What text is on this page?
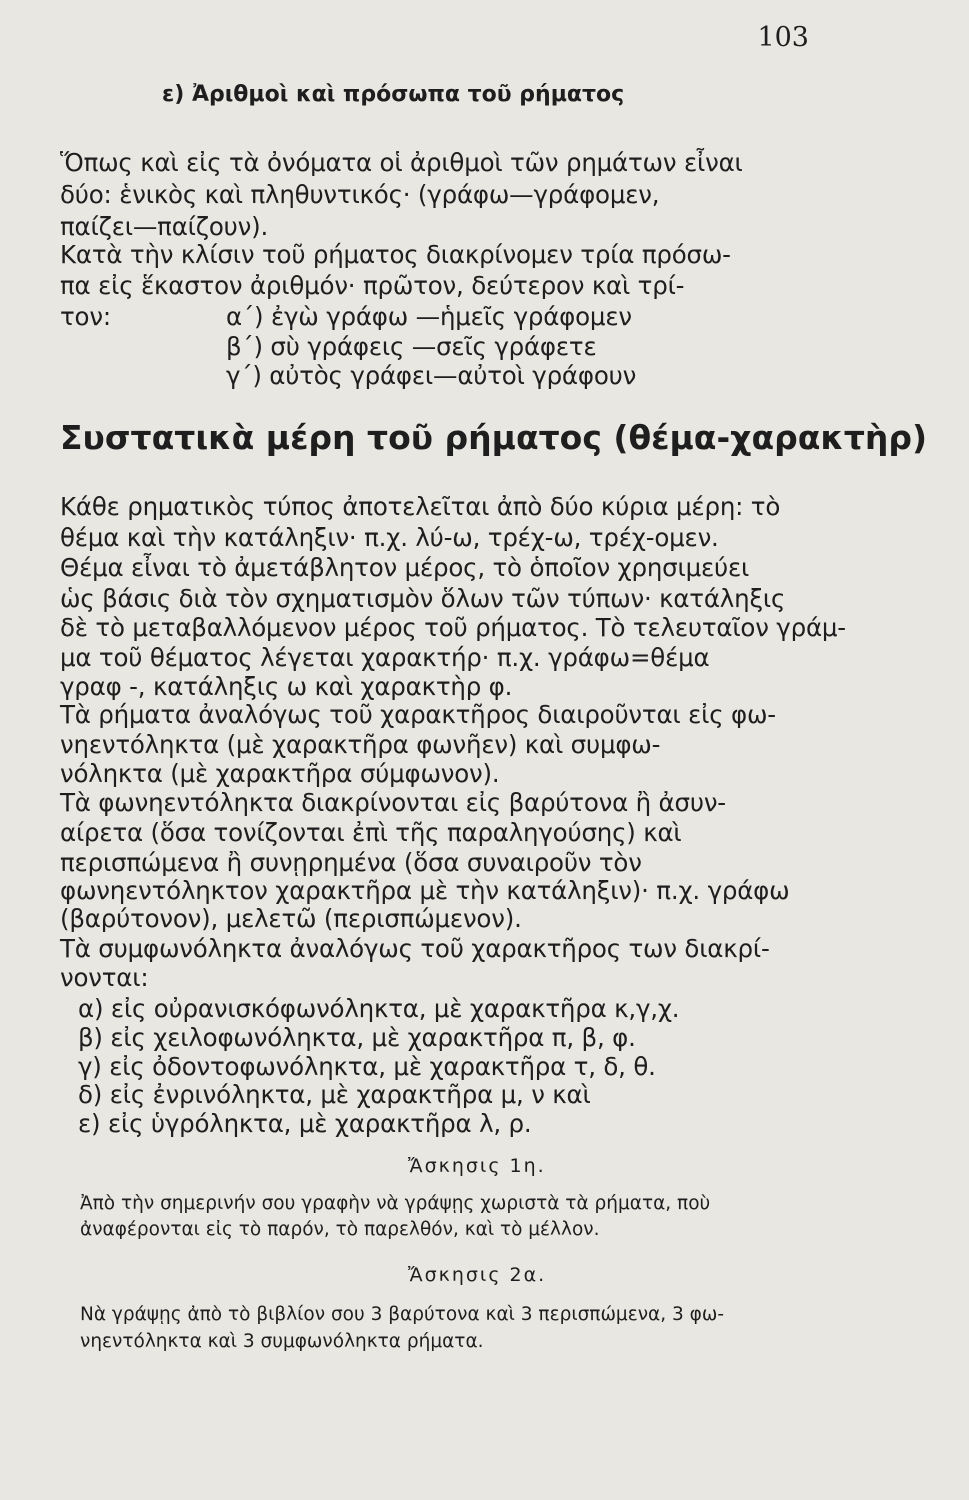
103
ε) Ἀριθμοὶ καὶ πρόσωπα τοῦ ρήματος
Ὅπως καὶ εἰς τὰ ὀνόματα οἱ ἀριθμοὶ τῶν ρημάτων εἶναι
δύο: ἑνικὸς καὶ πληθυντικός· (γράφω—γράφομεν,
παίζει—παίζουν).
Κατὰ τὴν κλίσιν τοῦ ρήματος διακρίνομεν τρία πρόσω-
πα εἰς ἕκαστον ἀριθμόν· πρῶτον, δεύτερον καὶ τρί-
τον:	α΄) ἐγὼ γράφω —ἡμεῖς γράφομεν
β΄) σὺ γράφεις —σεῖς γράφετε
γ΄) αὐτὸς γράφει—αὐτοὶ γράφουν
Συστατικὰ μέρη τοῦ ρήματος (θέμα-χαρακτὴρ)
Κάθε ρηματικὸς τύπος ἀποτελεῖται ἀπὸ δύο κύρια μέρη: τὸ
θέμα καὶ τὴν κατάληξιν· π.χ. λύ-ω, τρέχ-ω, τρέχ-ομεν.
Θέμα εἶναι τὸ ἀμετάβλητον μέρος, τὸ ὁποῖον χρησιμεύει
ὡς βάσις διὰ τὸν σχηματισμὸν ὅλων τῶν τύπων· κατάληξις
δὲ τὸ μεταβαλλόμενον μέρος τοῦ ρήματος. Τὸ τελευταῖον γράμ-
μα τοῦ θέματος λέγεται χαρακτήρ· π.χ. γράφω=θέμα
γραφ -, κατάληξις ω καὶ χαρακτὴρ φ.
Τὰ ρήματα ἀναλόγως τοῦ χαρακτῆρος διαιροῦνται εἰς φω-
νηεντόληκτα (μὲ χαρακτῆρα φωνῆεν) καὶ συμφω-
νόληκτα (μὲ χαρακτῆρα σύμφωνον).
Τὰ φωνηεντόληκτα διακρίνονται εἰς βαρύτονα ἢ ἀσυν-
αίρετα (ὅσα τονίζονται ἐπὶ τῆς παραληγούσης) καὶ
περισπώμενα ἢ συνῃρημένα (ὅσα συναιροῦν τὸν
φωνηεντόληκτον χαρακτῆρα μὲ τὴν κατάληξιν)· π.χ. γράφω
(βαρύτονον), μελετῶ (περισπώμενον).
Τὰ συμφωνόληκτα ἀναλόγως τοῦ χαρακτῆρος των διακρί-
νονται:
α) εἰς οὐρανισκόφωνόληκτα, μὲ χαρακτῆρα κ,γ,χ.
β) εἰς χειλοφωνόληκτα, μὲ χαρακτῆρα π, β, φ.
γ) εἰς ὀδοντοφωνόληκτα, μὲ χαρακτῆρα τ, δ, θ.
δ) εἰς ἐνρινόληκτα, μὲ χαρακτῆρα μ, ν καὶ
ε) εἰς ὑγρόληκτα, μὲ χαρακτῆρα λ, ρ.
Ἄσκησις 1η.
Ἀπὸ τὴν σημερινήν σου γραφὴν νὰ γράψῃς χωριστὰ τὰ ρήματα, ποὺ
ἀναφέρονται εἰς τὸ παρόν, τὸ παρελθόν, καὶ τὸ μέλλον.
Ἄσκησις 2α.
Νὰ γράψῃς ἀπὸ τὸ βιβλίον σου 3 βαρύτονα καὶ 3 περισπώμενα, 3 φω-
νηεντόληκτα καὶ 3 συμφωνόληκτα ρήματα.
